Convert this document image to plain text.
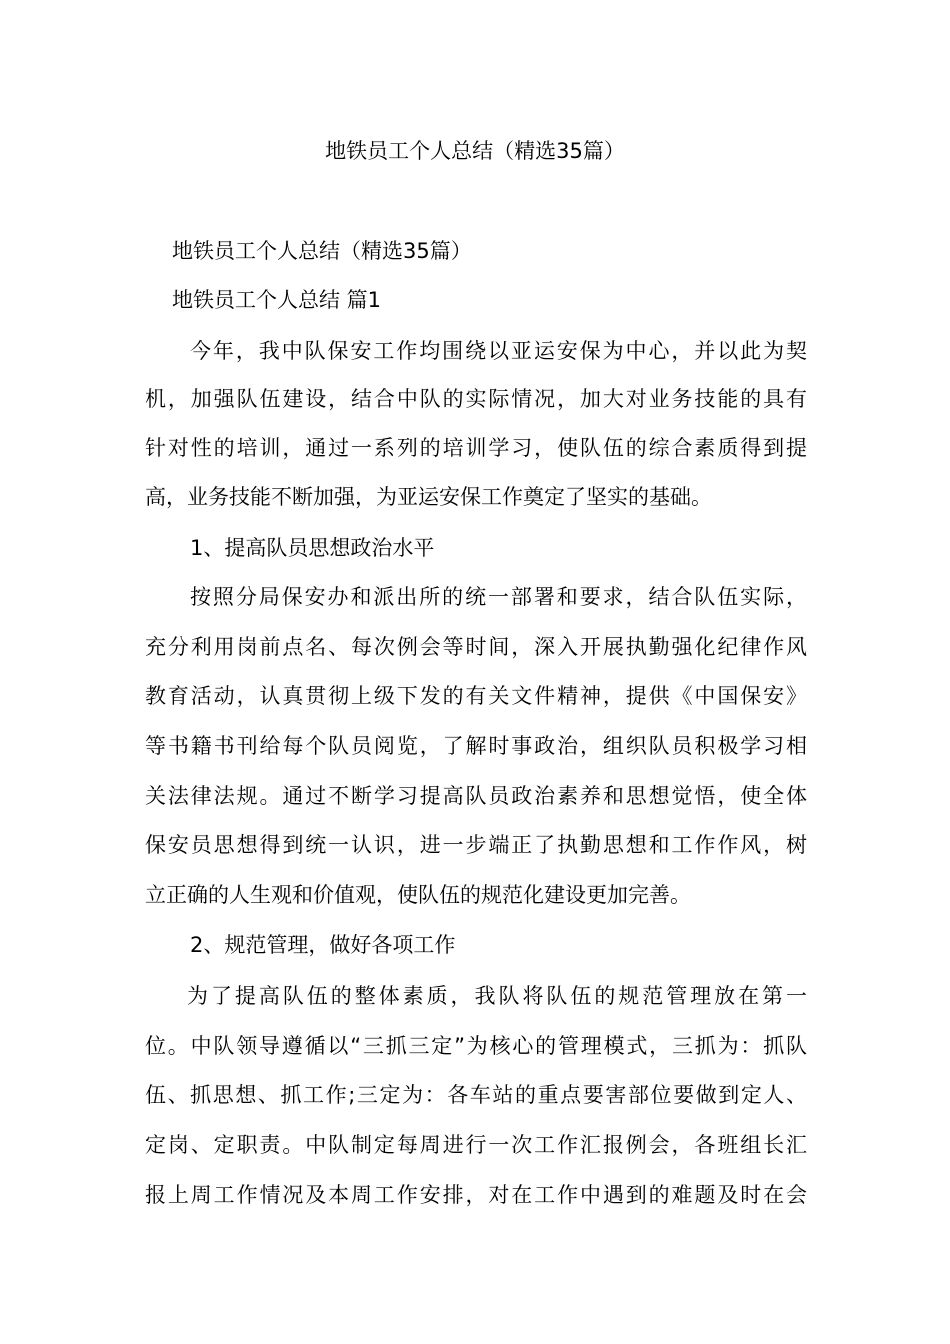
地铁员工个人总结（精选35篇）
地铁员工个人总结（精选35篇）
地铁员工个人总结 篇1
今年，我中队保安工作均围绕以亚运安保为中心，并以此为契
机，加强队伍建设，结合中队的实际情况，加大对业务技能的具有
针对性的培训，通过一系列的培训学习，使队伍的综合素质得到提
高，业务技能不断加强，为亚运安保工作奠定了坚实的基础。
1、提高队员思想政治水平
按照分局保安办和派出所的统一部署和要求，结合队伍实际，
充分利用岗前点名、每次例会等时间，深入开展执勤强化纪律作风
教育活动，认真贯彻上级下发的有关文件精神，提供《中国保安》
等书籍书刊给每个队员阅览，了解时事政治，组织队员积极学习相
关法律法规。通过不断学习提高队员政治素养和思想觉悟，使全体
保安员思想得到统一认识，进一步端正了执勤思想和工作作风，树
立正确的人生观和价值观，使队伍的规范化建设更加完善。
2、规范管理，做好各项工作
为了提高队伍的整体素质，我队将队伍的规范管理放在第一
位。中队领导遵循以“三抓三定”为核心的管理模式，三抓为：抓队
伍、抓思想、抓工作;三定为：各车站的重点要害部位要做到定人、
定岗、定职责。中队制定每周进行一次工作汇报例会，各班组长汇
报上周工作情况及本周工作安排，对在工作中遇到的难题及时在会
